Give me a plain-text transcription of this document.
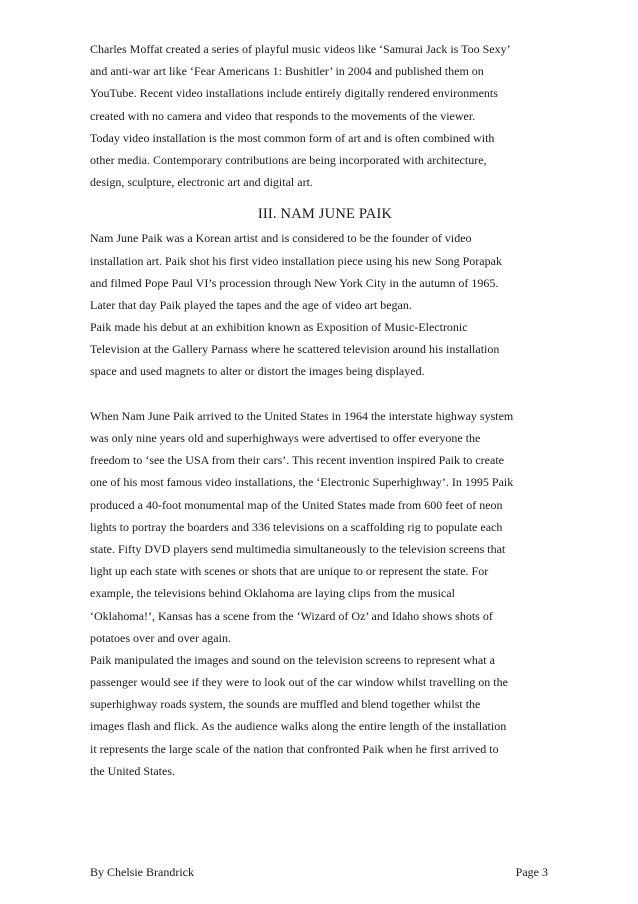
Charles Moffat created a series of playful music videos like ‘Samurai Jack is Too Sexy’
and anti-war art like ‘Fear Americans 1: Bushitler’ in 2004 and published them on
YouTube. Recent video installations include entirely digitally rendered environments
created with no camera and video that responds to the movements of the viewer.
Today video installation is the most common form of art and is often combined with
other media. Contemporary contributions are being incorporated with architecture,
design, sculpture, electronic art and digital art.
III. NAM JUNE PAIK
Nam June Paik was a Korean artist and is considered to be the founder of video
installation art. Paik shot his first video installation piece using his new Song Porapak
and filmed Pope Paul VI’s procession through New York City in the autumn of 1965.
Later that day Paik played the tapes and the age of video art began.
Paik made his debut at an exhibition known as Exposition of Music-Electronic
Television at the Gallery Parnass where he scattered television around his installation
space and used magnets to alter or distort the images being displayed.
When Nam June Paik arrived to the United States in 1964 the interstate highway system
was only nine years old and superhighways were advertised to offer everyone the
freedom to ‘see the USA from their cars’. This recent invention inspired Paik to create
one of his most famous video installations, the ‘Electronic Superhighway’. In 1995 Paik
produced a 40-foot monumental map of the United States made from 600 feet of neon
lights to portray the boarders and 336 televisions on a scaffolding rig to populate each
state. Fifty DVD players send multimedia simultaneously to the television screens that
light up each state with scenes or shots that are unique to or represent the state. For
example, the televisions behind Oklahoma are laying clips from the musical
‘Oklahoma!’, Kansas has a scene from the ‘Wizard of Oz’ and Idaho shows shots of
potatoes over and over again.
Paik manipulated the images and sound on the television screens to represent what a
passenger would see if they were to look out of the car window whilst travelling on the
superhighway roads system, the sounds are muffled and blend together whilst the
images flash and flick. As the audience walks along the entire length of the installation
it represents the large scale of the nation that confronted Paik when he first arrived to
the United States.
By Chelsie Brandrick	Page 3
